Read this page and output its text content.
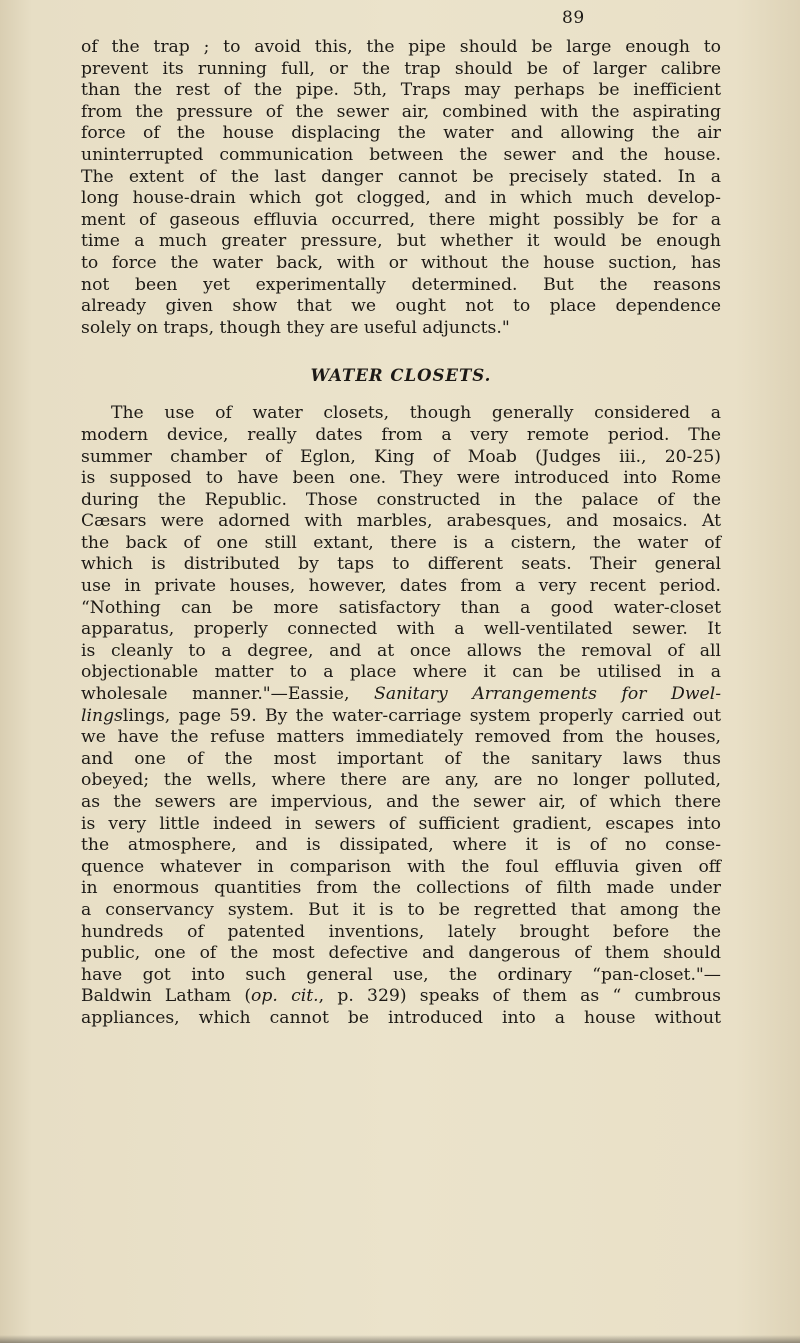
89
of the trap ; to avoid this, the pipe should be large enough to
prevent its running full, or the trap should be of larger calibre
than the rest of the pipe. 5th, Traps may perhaps be inefficient
from the pressure of the sewer air, combined with the aspirating
force of the house displacing the water and allowing the air
uninterrupted communication between the sewer and the house.
The extent of the last danger cannot be precisely stated. In a
long house-drain which got clogged, and in which much develop-
ment of gaseous effluvia occurred, there might possibly be for a
time a much greater pressure, but whether it would be enough
to force the water back, with or without the house suction, has
not been yet experimentally determined. But the reasons
already given show that we ought not to place dependence
solely on traps, though they are useful adjuncts."
WATER CLOSETS.
The use of water closets, though generally considered a
modern device, really dates from a very remote period. The
summer chamber of Eglon, King of Moab (Judges iii., 20-25)
is supposed to have been one. They were introduced into Rome
during the Republic. Those constructed in the palace of the
Cæsars were adorned with marbles, arabesques, and mosaics. At
the back of one still extant, there is a cistern, the water of
which is distributed by taps to different seats. Their general
use in private houses, however, dates from a very recent period.
“Nothing can be more satisfactory than a good water-closet
apparatus, properly connected with a well-ventilated sewer. It
is cleanly to a degree, and at once allows the removal of all
objectionable matter to a place where it can be utilised in a
wholesale manner."—Eassie, Sanitary Arrangements for Dwel-
lingslings, page 59. By the water-carriage system properly carried out
we have the refuse matters immediately removed from the houses,
and one of the most important of the sanitary laws thus
obeyed; the wells, where there are any, are no longer polluted,
as the sewers are impervious, and the sewer air, of which there
is very little indeed in sewers of sufficient gradient, escapes into
the atmosphere, and is dissipated, where it is of no conse-
quence whatever in comparison with the foul effluvia given off
in enormous quantities from the collections of filth made under
a conservancy system. But it is to be regretted that among the
hundreds of patented inventions, lately brought before the
public, one of the most defective and dangerous of them should
have got into such general use, the ordinary “pan-closet."—
Baldwin Latham (op. cit., p. 329) speaks of them as “ cumbrous
appliances, which cannot be introduced into a house without
